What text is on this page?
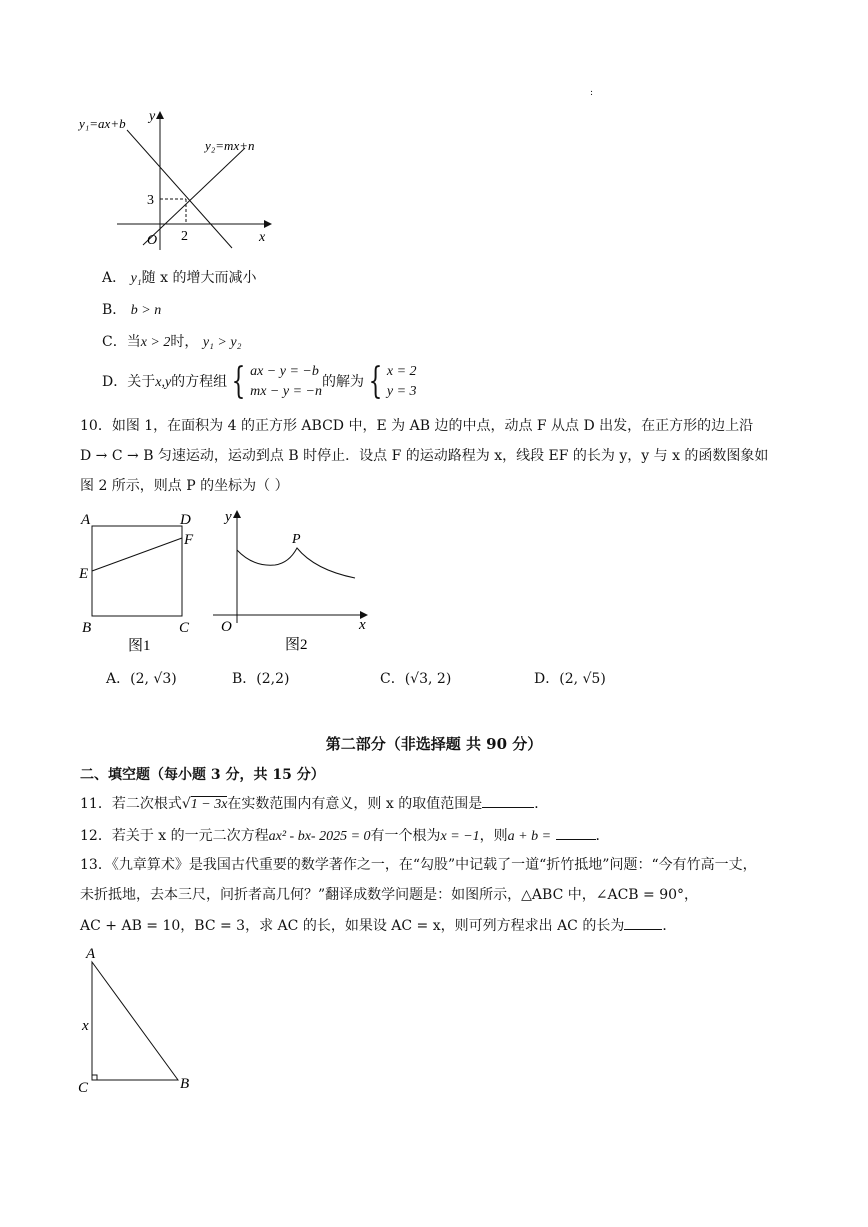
:
y₁=ax+b
y₂=mx+n
y
x
O
3
2
A． y₁随 x 的增大而减小
B． b > n
C．当x > 2时， y₁ > y₂
D．关于x,y的方程组 { ax − y = −b
mx − y = −n的解为 { x = 2
y = 3
10．如图 1，在面积为 4 的正方形 ABCD 中，E 为 AB 边的中点，动点 F 从点 D 出发，在正方形的边上沿
D → C → B 匀速运动，运动到点 B 时停止．设点 F 的运动路程为 x，线段 EF 的长为 y，y 与 x 的函数图象如
图 2 所示，则点 P 的坐标为（ ）
A	D
F
E
B	C
图1
y
x
O
P
图2
A．(2, √3)	B．(2,2)	C．(√3, 2)	D．(2, √5)
第二部分（非选择题 共 90 分）
二、填空题（每小题 3 分，共 15 分）
11．若二次根式√1 − 3x在实数范围内有意义，则 x 的取值范围是	．
12．若关于 x 的一元二次方程ax² - bx- 2025 = 0有一个根为x = −1，则a + b =	．
13．《九章算术》是我国古代重要的数学著作之一，在“勾股”中记载了一道“折竹抵地”问题：“今有竹高一丈，
未折抵地，去本三尺，问折者高几何？”翻译成数学问题是：如图所示，△ABC 中，∠ACB = 90°，
AC + AB = 10，BC = 3，求 AC 的长，如果设 AC = x，则可列方程求出 AC 的长为	．
A
x
C	B
